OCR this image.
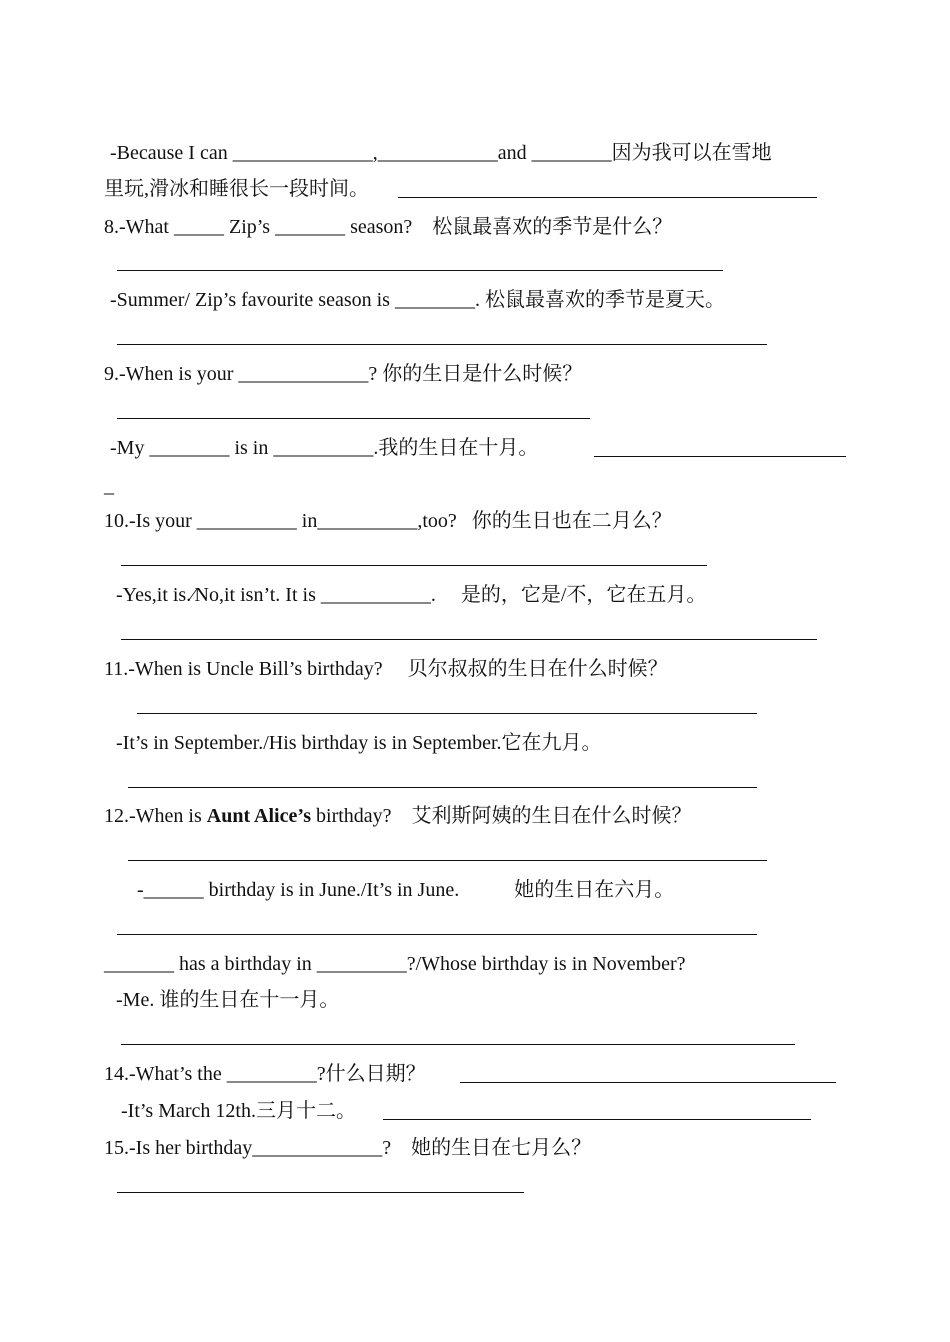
-Because I can ______________,____________and ________因为我可以在雪地
里玩,滑冰和睡很长一段时间。
8.-What _____ Zip’s _______ season?    松鼠最喜欢的季节是什么？
-Summer/ Zip’s favourite season is ________. 松鼠最喜欢的季节是夏天。
9.-When is your _____________? 你的生日是什么时候？
-My ________ is in __________.我的生日在十月。
_
10.-Is your __________ in__________,too?   你的生日也在二月么？
-Yes,it is.⁄No,it isn’t. It is ___________.     是的，它是/不，它在五月。
11.-When is Uncle Bill’s birthday?     贝尔叔叔的生日在什么时候？
-It’s in September./His birthday is in September.它在九月。
12.-When is Aunt Alice’s birthday?    艾利斯阿姨的生日在什么时候？
-______ birthday is in June./It’s in June.           她的生日在六月。
_______ has a birthday in _________?/Whose birthday is in November?
-Me. 谁的生日在十一月。
14.-What’s the _________?什么日期？
-It’s March 12th.三月十二。
15.-Is her birthday_____________?    她的生日在七月么？
